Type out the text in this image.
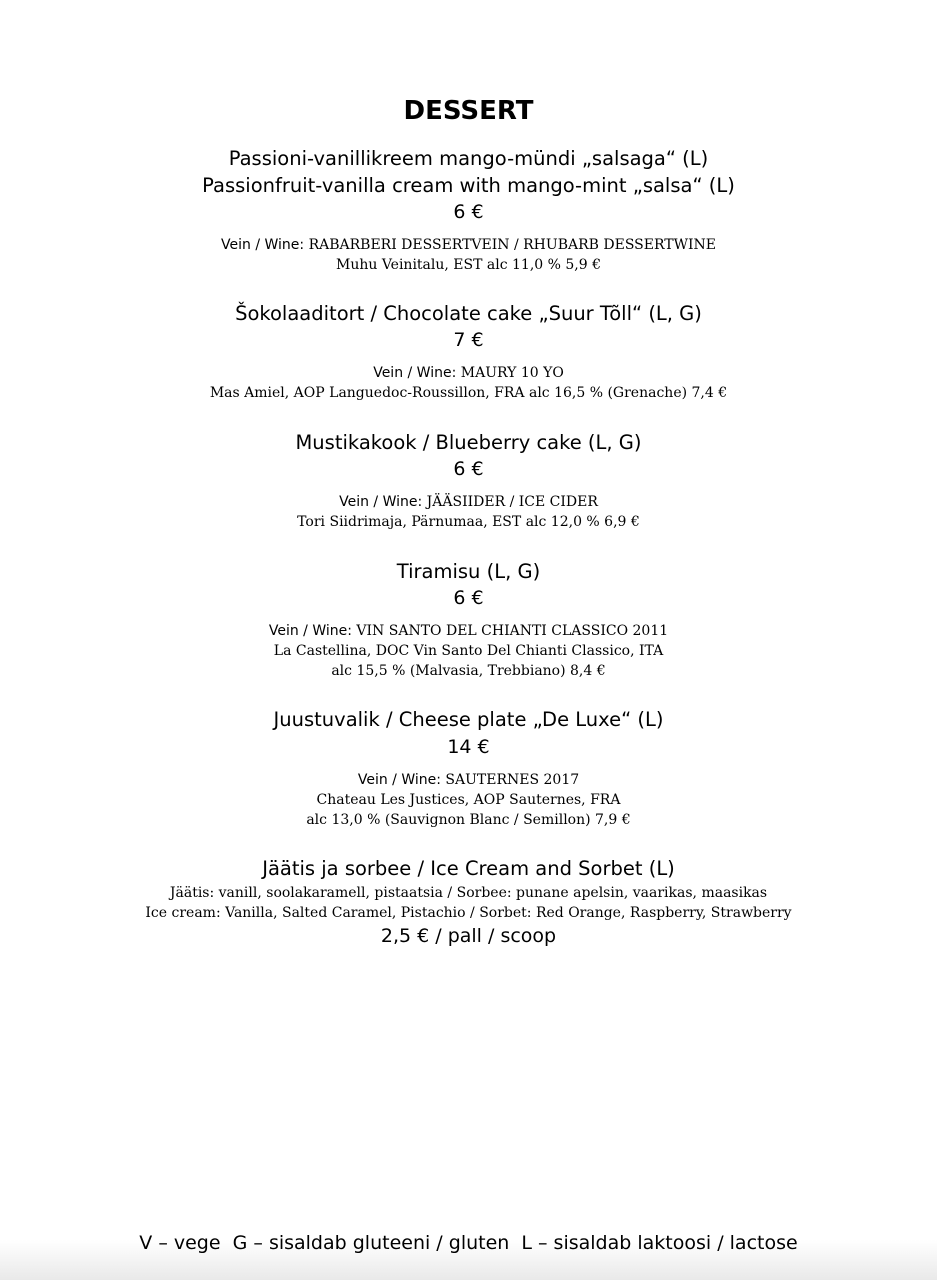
DESSERT
Passioni-vanillikreem mango-mündi „salsaga“ (L)
Passionfruit-vanilla cream with mango-mint „salsa“ (L)
6 €
Vein / Wine: RABARBERI DESSERTVEIN / RHUBARB DESSERTWINE
Muhu Veinitalu, EST alc 11,0 % 5,9 €
Šokolaaditort / Chocolate cake „Suur Tõll“ (L, G)
7 €
Vein / Wine: MAURY 10 YO
Mas Amiel, AOP Languedoc-Roussillon, FRA alc 16,5 % (Grenache) 7,4 €
Mustikakook / Blueberry cake (L, G)
6 €
Vein / Wine: JÄÄSIIDER / ICE CIDER
Tori Siidrimaja, Pärnumaa, EST alc 12,0 % 6,9 €
Tiramisu (L, G)
6 €
Vein / Wine: VIN SANTO DEL CHIANTI CLASSICO 2011
La Castellina, DOC Vin Santo Del Chianti Classico, ITA
alc 15,5 % (Malvasia, Trebbiano) 8,4 €
Juustuvalik / Cheese plate „De Luxe“ (L)
14 €
Vein / Wine: SAUTERNES 2017
Chateau Les Justices, AOP Sauternes, FRA
alc 13,0 % (Sauvignon Blanc / Semillon) 7,9 €
Jäätis ja sorbee / Ice Cream and Sorbet (L)
Jäätis: vanill, soolakaramell, pistaatsia / Sorbee: punane apelsin, vaarikas, maasikas
Ice cream: Vanilla, Salted Caramel, Pistachio / Sorbet: Red Orange, Raspberry, Strawberry
2,5 € / pall / scoop
V – vege  G – sisaldab gluteeni / gluten  L – sisaldab laktoosi / lactose
